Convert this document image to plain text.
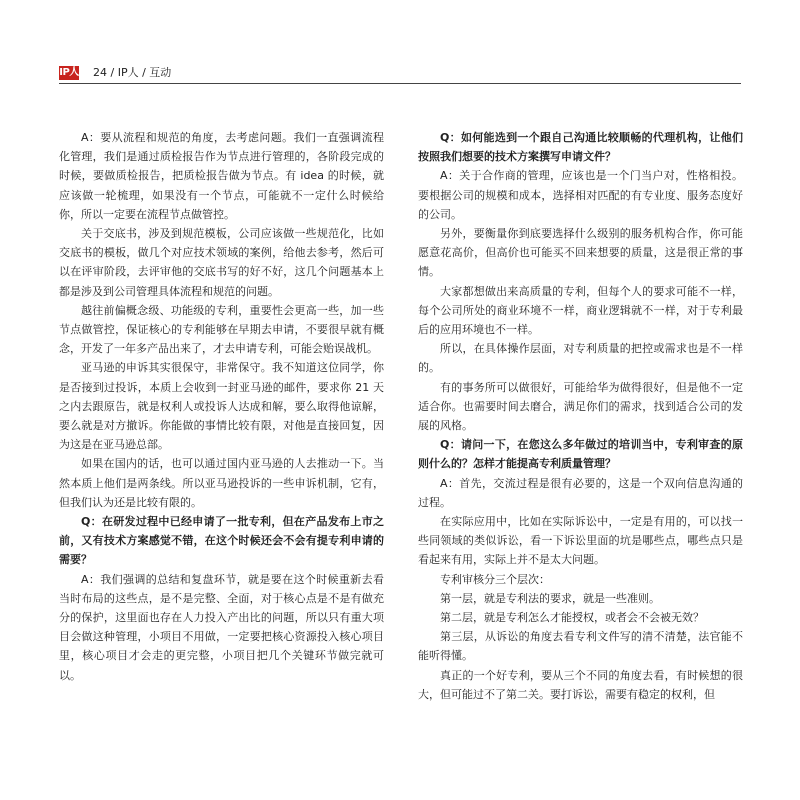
IP人 24 / IP人 / 互动

A：要从流程和规范的角度，去考虑问题。我们一直强调流程化管理，我们是通过质检报告作为节点进行管理的，各阶段完成的时候，要做质检报告，把质检报告做为节点。有 idea 的时候，就应该做一轮梳理，如果没有一个节点，可能就不一定什么时候给你，所以一定要在流程节点做管控。

关于交底书，涉及到规范模板，公司应该做一些规范化，比如交底书的模板，做几个对应技术领域的案例，给他去参考，然后可以在评审阶段，去评审他的交底书写的好不好，这几个问题基本上都是涉及到公司管理具体流程和规范的问题。

越往前偏概念级、功能级的专利，重要性会更高一些，加一些节点做管控，保证核心的专利能够在早期去申请，不要很早就有概念，开发了一年多产品出来了，才去申请专利，可能会贻误战机。

亚马逊的申诉其实很保守，非常保守。我不知道这位同学，你是否接到过投诉，本质上会收到一封亚马逊的邮件，要求你 21 天之内去跟原告，就是权利人或投诉人达成和解，要么取得他谅解，要么就是对方撤诉。你能做的事情比较有限，对他是直接回复，因为这是在亚马逊总部。

如果在国内的话，也可以通过国内亚马逊的人去推动一下。当然本质上他们是两条线。所以亚马逊投诉的一些申诉机制，它有，但我们认为还是比较有限的。

Q：在研发过程中已经申请了一批专利，但在产品发布上市之前，又有技术方案感觉不错，在这个时候还会不会有提专利申请的需要？

A：我们强调的总结和复盘环节，就是要在这个时候重新去看当时布局的这些点，是不是完整、全面，对于核心点是不是有做充分的保护，这里面也存在人力投入产出比的问题，所以只有重大项目会做这种管理，小项目不用做，一定要把核心资源投入核心项目里，核心项目才会走的更完整，小项目把几个关键环节做完就可以。

Q：如何能选到一个跟自己沟通比较顺畅的代理机构，让他们按照我们想要的技术方案撰写申请文件？

A：关于合作商的管理，应该也是一个门当户对，性格相投。要根据公司的规模和成本，选择相对匹配的有专业度、服务态度好的公司。

另外，要衡量你到底要选择什么级别的服务机构合作，你可能愿意花高价，但高价也可能买不回来想要的质量，这是很正常的事情。

大家都想做出来高质量的专利，但每个人的要求可能不一样，每个公司所处的商业环境不一样，商业逻辑就不一样，对于专利最后的应用环境也不一样。

所以，在具体操作层面，对专利质量的把控或需求也是不一样的。

有的事务所可以做很好，可能给华为做得很好，但是他不一定适合你。也需要时间去磨合，满足你们的需求，找到适合公司的发展的风格。

Q：请问一下，在您这么多年做过的培训当中，专利审查的原则什么的？怎样才能提高专利质量管理？

A：首先，交流过程是很有必要的，这是一个双向信息沟通的过程。

在实际应用中，比如在实际诉讼中，一定是有用的，可以找一些同领域的类似诉讼，看一下诉讼里面的坑是哪些点，哪些点只是看起来有用，实际上并不是太大问题。

专利审核分三个层次：

第一层，就是专利法的要求，就是一些准则。

第二层，就是专利怎么才能授权，或者会不会被无效？

第三层，从诉讼的角度去看专利文件写的清不清楚，法官能不能听得懂。

真正的一个好专利，要从三个不同的角度去看，有时候想的很大，但可能过不了第二关。要打诉讼，需要有稳定的权利，但
